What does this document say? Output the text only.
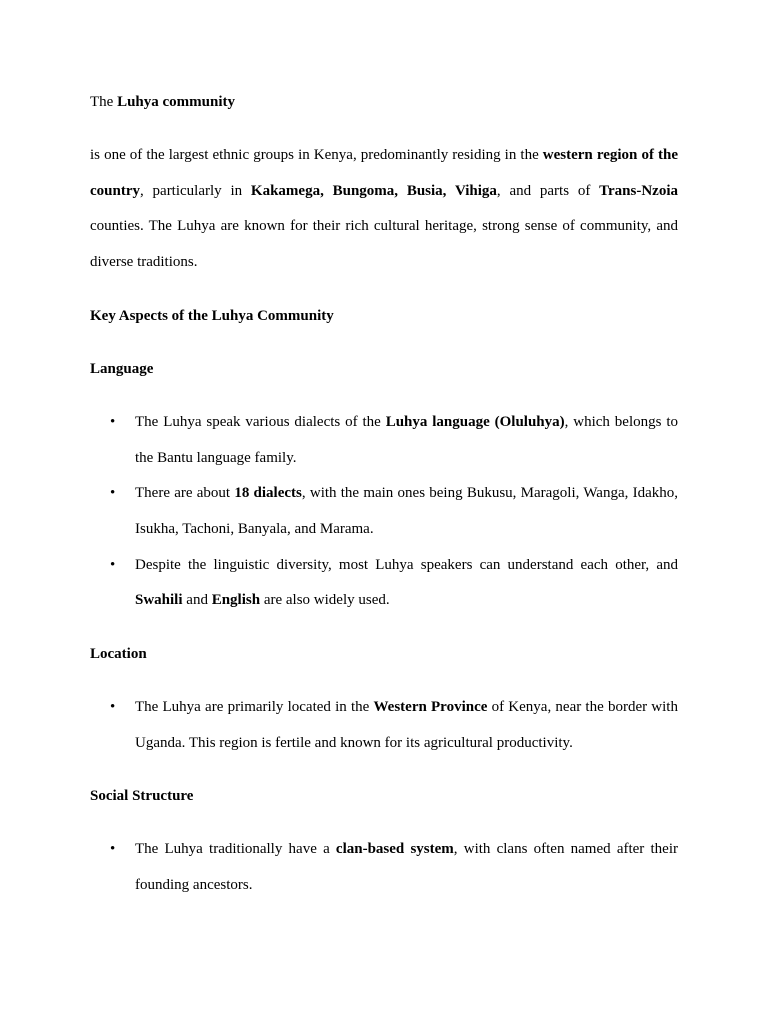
The Luhya community

is one of the largest ethnic groups in Kenya, predominantly residing in the western region of the country, particularly in Kakamega, Bungoma, Busia, Vihiga, and parts of Trans-Nzoia counties. The Luhya are known for their rich cultural heritage, strong sense of community, and diverse traditions.

Key Aspects of the Luhya Community
Language
• The Luhya speak various dialects of the Luhya language (Oluluhya), which belongs to the Bantu language family.
• There are about 18 dialects, with the main ones being Bukusu, Maragoli, Wanga, Idakho, Isukha, Tachoni, Banyala, and Marama.
• Despite the linguistic diversity, most Luhya speakers can understand each other, and Swahili and English are also widely used.
Location
• The Luhya are primarily located in the Western Province of Kenya, near the border with Uganda. This region is fertile and known for its agricultural productivity.
Social Structure
• The Luhya traditionally have a clan-based system, with clans often named after their founding ancestors.
